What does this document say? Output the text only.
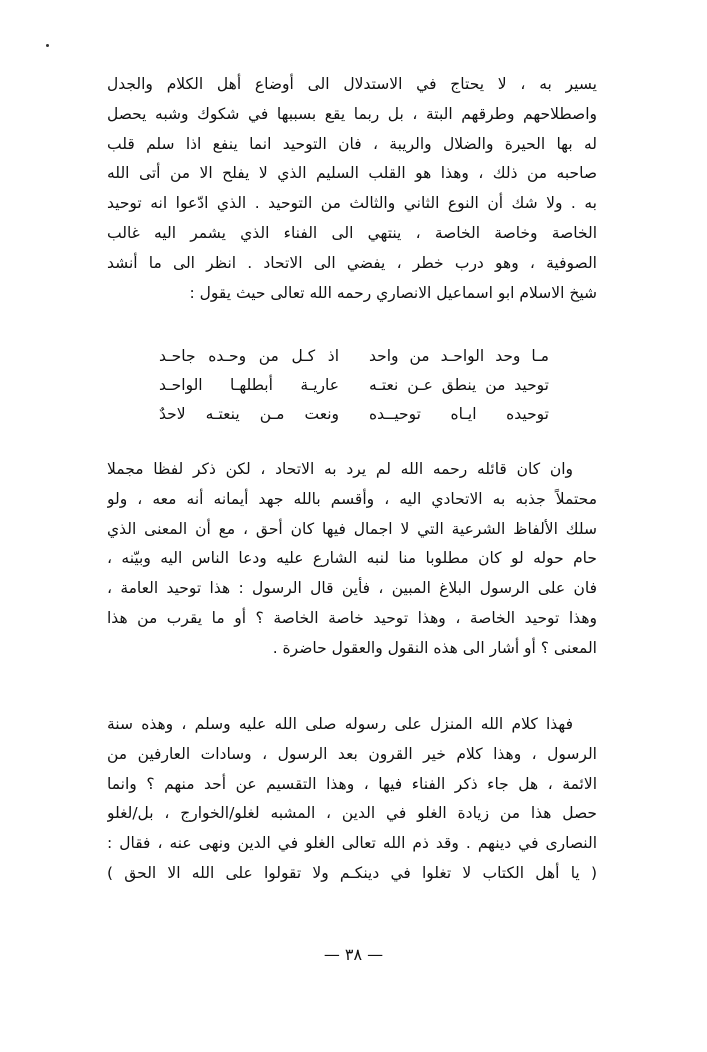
يسير به ، لا يحتاج في الاستدلال الى أوضاع أهل الكلام والجدل
واصطلاحهم وطرقهم البتة ، بل ربما يقع بسببها في شكوك وشبه يحصل
له بها الحيرة والضلال والريبة ، فان التوحيد انما ينفع اذا سلم قلب
صاحبه من ذلك ، وهذا هو القلب السليم الذي لا يفلح الا من أتى الله
به . ولا شك أن النوع الثاني والثالث من التوحيد . الذي ادّعوا انه توحيد
الخاصة وخاصة الخاصة ، ينتهي الى الفناء الذي يشمر اليه غالب
الصوفية ، وهو درب خطر ، يفضي الى الاتحاد . انظر الى ما أنشد
شيخ الاسلام ابو اسماعيل الانصاري رحمه الله تعالى حيث يقول :
مـا وحد الواحـد من واحد
اذ كـل من وحـده جاحـد
توحيد من ينطق عـن نعتـه
عاريـة أبطلهـا الواحـد
توحيده ايـاه توحيــده
ونعت مـن ينعتـه لاحدٌ
وان كان قائله رحمه الله لم يرد به الاتحاد ، لكن ذكر لفظا مجملا
محتملاً جذبه به الاتحادي اليه ، وأقسم بالله جهد أيمانه أنه معه ، ولو
سلك الألفاظ الشرعية التي لا اجمال فيها كان أحق ، مع أن المعنى الذي
حام حوله لو كان مطلوبا منا لنبه الشارع عليه ودعا الناس اليه وبيّنه ،
فان على الرسول البلاغ المبين ، فأين قال الرسول : هذا توحيد العامة ،
وهذا توحيد الخاصة ، وهذا توحيد خاصة الخاصة ؟ أو ما يقرب من هذا
المعنى ؟ أو أشار الى هذه النقول والعقول حاضرة .
فهذا كلام الله المنزل على رسوله صلى الله عليه وسلم ، وهذه سنة
الرسول ، وهذا كلام خير القرون بعد الرسول ، وسادات العارفين من
الائمة ، هل جاء ذكر الفناء فيها ، وهذا التقسيم عن أحد منهم ؟ وانما
حصل هذا من زيادة الغلو في الدين ، المشبه لغلو/الخوارج ، بل/لغلو
النصارى في دينهم . وقد ذم الله تعالى الغلو في الدين ونهى عنه ، فقال :
( يا أهل الكتاب لا تغلوا في دينكـم ولا تقولوا على الله الا الحق )
— ٣٨ —
